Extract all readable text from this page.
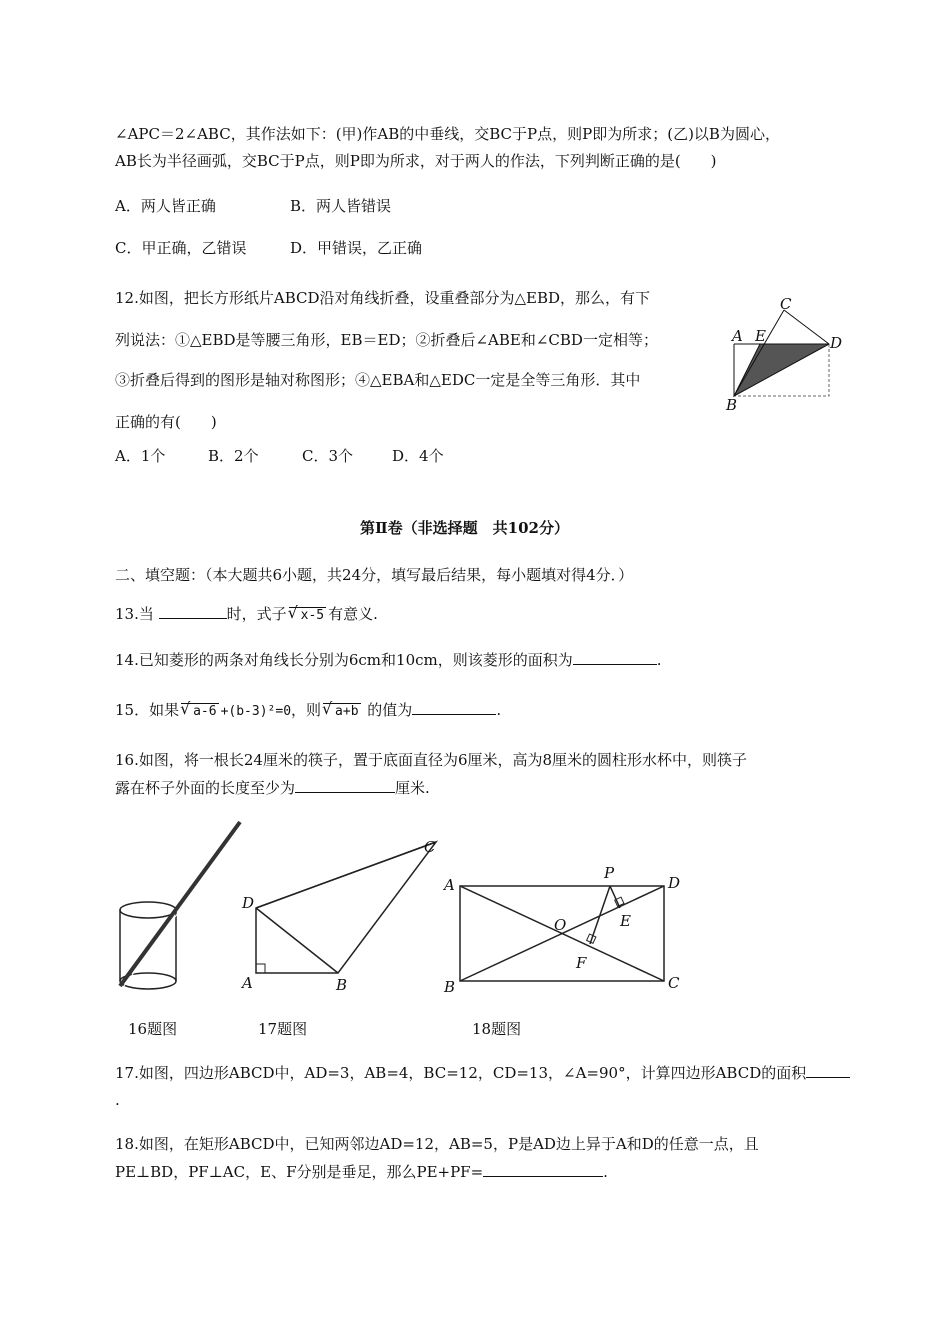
∠APC＝2∠ABC，其作法如下：(甲)作AB的中垂线，交BC于P点，则P即为所求；(乙)以B为圆心，
AB长为半径画弧，交BC于P点，则P即为所求，对于两人的作法，下列判断正确的是(　　)
A．两人皆正确	B．两人皆错误
C．甲正确，乙错误	D．甲错误，乙正确
12.如图，把长方形纸片ABCD沿对角线折叠，设重叠部分为△EBD，那么，有下
列说法：①△EBD是等腰三角形，EB＝ED；②折叠后∠ABE和∠CBD一定相等；
③折叠后得到的图形是轴对称图形；④△EBA和△EDC一定是全等三角形．其中
正确的有(　　)
A．1个	B．2个	C．3个	D．4个
A E
C
D
B
第Ⅱ卷（非选择题　共102分）
二、填空题：（本大题共6小题，共24分，填写最后结果，每小题填对得4分．）
13.当	时，式子 √ x-5 有意义.
14.已知菱形的两条对角线长分别为6cm和10cm，则该菱形的面积为	.
15．如果 √ a-6 +(b-3)²=0，则 √ a+b 的值为	.
16.如图，将一根长24厘米的筷子，置于底面直径为6厘米，高为8厘米的圆柱形水杯中，则筷子
露在杯子外面的长度至少为	厘米.
D
C
A	B
A	D
B	C
P
E
O
F
16题图	17题图	18题图
17.如图，四边形ABCD中，AD=3，AB=4，BC=12，CD=13，∠A=90°，计算四边形ABCD的面积
.
18.如图，在矩形ABCD中，已知两邻边AD=12，AB=5，P是AD边上异于A和D的任意一点，且
PE⊥BD，PF⊥AC，E、F分别是垂足，那么PE+PF=	.
